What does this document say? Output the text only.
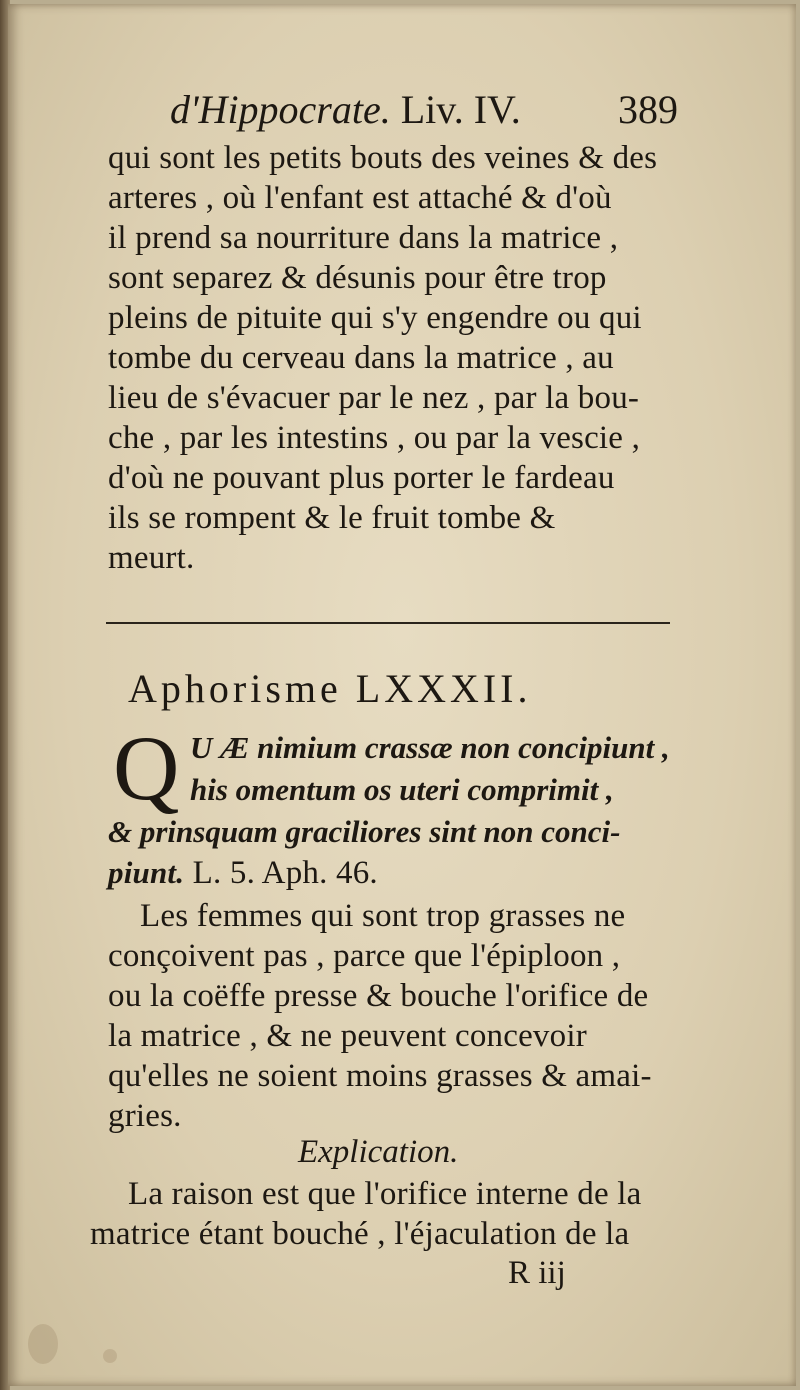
d'Hippocrate. Liv. IV. 389
qui sont les petits bouts des veines & des
arteres , où l'enfant est attaché & d'où
il prend sa nourriture dans la matrice ,
sont separez & désunis pour être trop
pleins de pituite qui s'y engendre ou qui
tombe du cerveau dans la matrice , au
lieu de s'évacuer par le nez , par la bou-
che , par les intestins , ou par la vescie ,
d'où ne pouvant plus porter le fardeau
ils se rompent & le fruit tombe &
meurt.
Aphorisme LXXXII.
Q U Æ nimium crassæ non concipiunt ,
his omentum os uteri comprimit ,
& prinsquam graciliores sint non conci-
piunt. L. 5. Aph. 46.
Les femmes qui sont trop grasses ne
conçoivent pas , parce que l'épiploon ,
ou la coëffe presse & bouche l'orifice de
la matrice , & ne peuvent concevoir
qu'elles ne soient moins grasses & amai-
gries.
Explication.
La raison est que l'orifice interne de la
matrice étant bouché , l'éjaculation de la
R iij
